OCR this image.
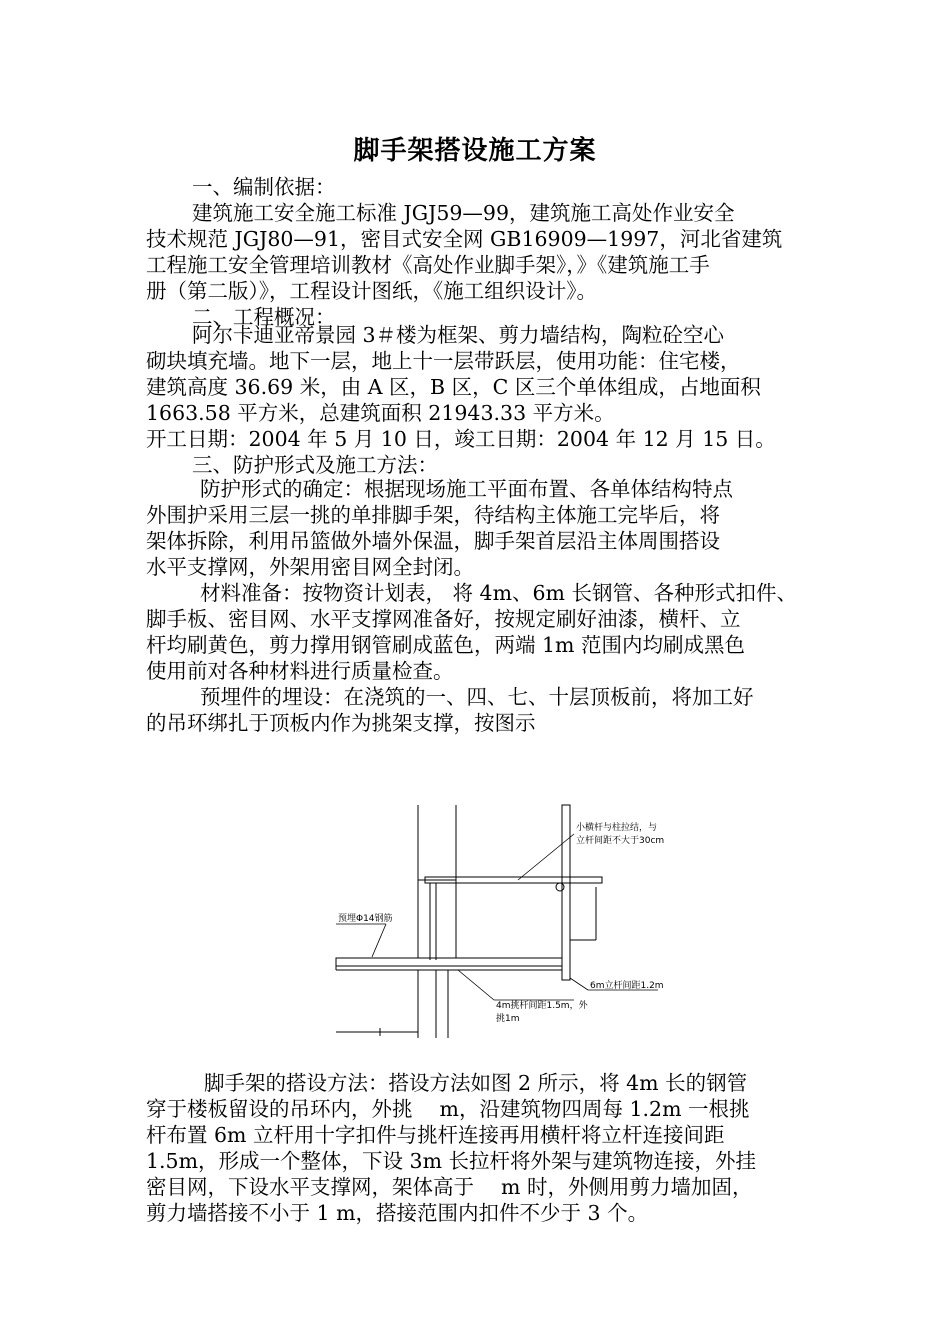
脚手架搭设施工方案
一、编制依据：
建筑施工安全施工标准 JGJ59—99，建筑施工高处作业安全
技术规范 JGJ80—91，密目式安全网 GB16909—1997，河北省建筑
工程施工安全管理培训教材《高处作业脚手架》，》《建筑施工手
册（第二版）》，工程设计图纸，《施工组织设计》。
二、工程概况：
阿尔卡迪亚帝景园 3＃楼为框架、剪力墙结构，陶粒砼空心
砌块填充墙。地下一层，地上十一层带跃层，使用功能：住宅楼，
建筑高度 36.69 米，由 A 区，B 区，C 区三个单体组成，占地面积
1663.58 平方米，总建筑面积 21943.33 平方米。
开工日期：2004 年 5 月 10 日，竣工日期：2004 年 12 月 15 日。
三、防护形式及施工方法：
防护形式的确定：根据现场施工平面布置、各单体结构特点
外围护采用三层一挑的单排脚手架，待结构主体施工完毕后，将
架体拆除，利用吊篮做外墙外保温，脚手架首层沿主体周围搭设
水平支撑网，外架用密目网全封闭。
材料准备：按物资计划表， 将 4m、6m 长钢管、各种形式扣件、
脚手板、密目网、水平支撑网准备好，按规定刷好油漆，横杆、立
杆均刷黄色，剪力撑用钢管刷成蓝色，两端 1m 范围内均刷成黑色
使用前对各种材料进行质量检查。
预埋件的埋设：在浇筑的一、四、七、十层顶板前，将加工好
的吊环绑扎于顶板内作为挑架支撑，按图示
小横杆与柱拉结，与
立杆间距不大于30cm
预埋Φ14钢筋
6m立杆间距1.2m
4m挑杆间距1.5m，外
挑1m
脚手架的搭设方法：搭设方法如图 2 所示，将 4m 长的钢管
穿于楼板留设的吊环内，外挑　 m，沿建筑物四周每 1.2m 一根挑
杆布置 6m 立杆用十字扣件与挑杆连接再用横杆将立杆连接间距
1.5m，形成一个整体，下设 3m 长拉杆将外架与建筑物连接，外挂
密目网，下设水平支撑网，架体高于　 m 时，外侧用剪力墙加固，
剪力墙搭接不小于 1 m，搭接范围内扣件不少于 3 个。
